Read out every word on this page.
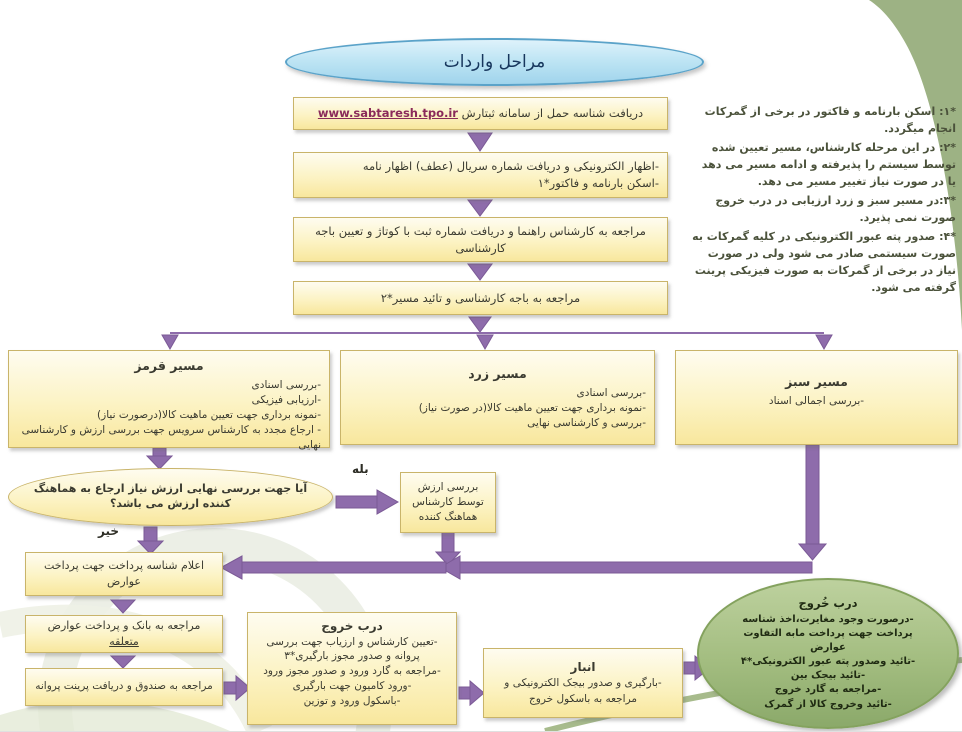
مراحل واردات
دریافت شناسه حمل از سامانه ثبتارش www.sabtaresh.tpo.ir
-اظهار الکترونیکی و دریافت شماره سریال (عطف) اظهار نامه
-اسکن بارنامه و فاکتور*۱
مراجعه به کارشناس راهنما و دریافت شماره ثبت با کوتاژ و تعیین باجه کارشناسی
مراجعه به باجه کارشناسی و تائید مسیر*۲

*۱: اسکن بارنامه و فاکتور در برخی از گمرکات انجام میگردد.

*۲: در این مرحله کارشناس، مسیر تعیین شده توسط سیستم را پذیرفته و ادامه مسیر می دهد یا در صورت نیاز تغییر مسیر می دهد.

*۳:در مسیر سبز و زرد ارزیابی در درب خروج صورت نمی پذیرد.

*۴: صدور پته عبور الکترونیکی در کلیه گمرکات به صورت سیستمی صادر می شود ولی در صورت نیاز در برخی از گمرکات به صورت فیزیکی پرینت گرفته می شود.

مسیر قرمز
-بررسی اسنادی
-ارزیابی فیزیکی
-نمونه برداری جهت تعیین ماهیت کالا(درصورت نیاز)
- ارجاع مجدد به کارشناس سرویس جهت بررسی ارزش و کارشناسی نهایی
مسیر زرد
-بررسی اسنادی
-نمونه برداری جهت تعیین ماهیت کالا(در صورت نیاز)
-بررسی و کارشناسی نهایی
مسیر سبز
-بررسی اجمالی اسناد
آیا جهت بررسی نهایی ارزش نیاز ارجاع به هماهنگ کننده ارزش می باشد؟
بله
خیر
بررسی ارزش توسط کارشناس هماهنگ کننده
اعلام شناسه پرداخت جهت پرداخت عوارض
مراجعه به بانک و پرداخت عوارض
متعلقه
مراجعه به صندوق و دریافت پرینت پروانه
درب خروج
-تعیین کارشناس و ارزیاب جهت بررسی پروانه و صدور مجوز بارگیری*۳
-مراجعه به گارد ورود و صدور مجوز ورود
-ورود کامیون جهت بارگیری
-باسکول ورود و توزین
انبار
-بارگیری و صدور بیجک الکترونیکی و مراجعه به باسکول خروج
درب خُروج
-درصورت وجود مغایرت،اخذ شناسه پرداخت جهت پرداخت مابه التفاوت عوارض
-تائید وصدور پته عبور الکترونیکی*۴
-تائید بیجک بین
-مراجعه به گارد خروج
-تائید وخروج کالا از گمرک
